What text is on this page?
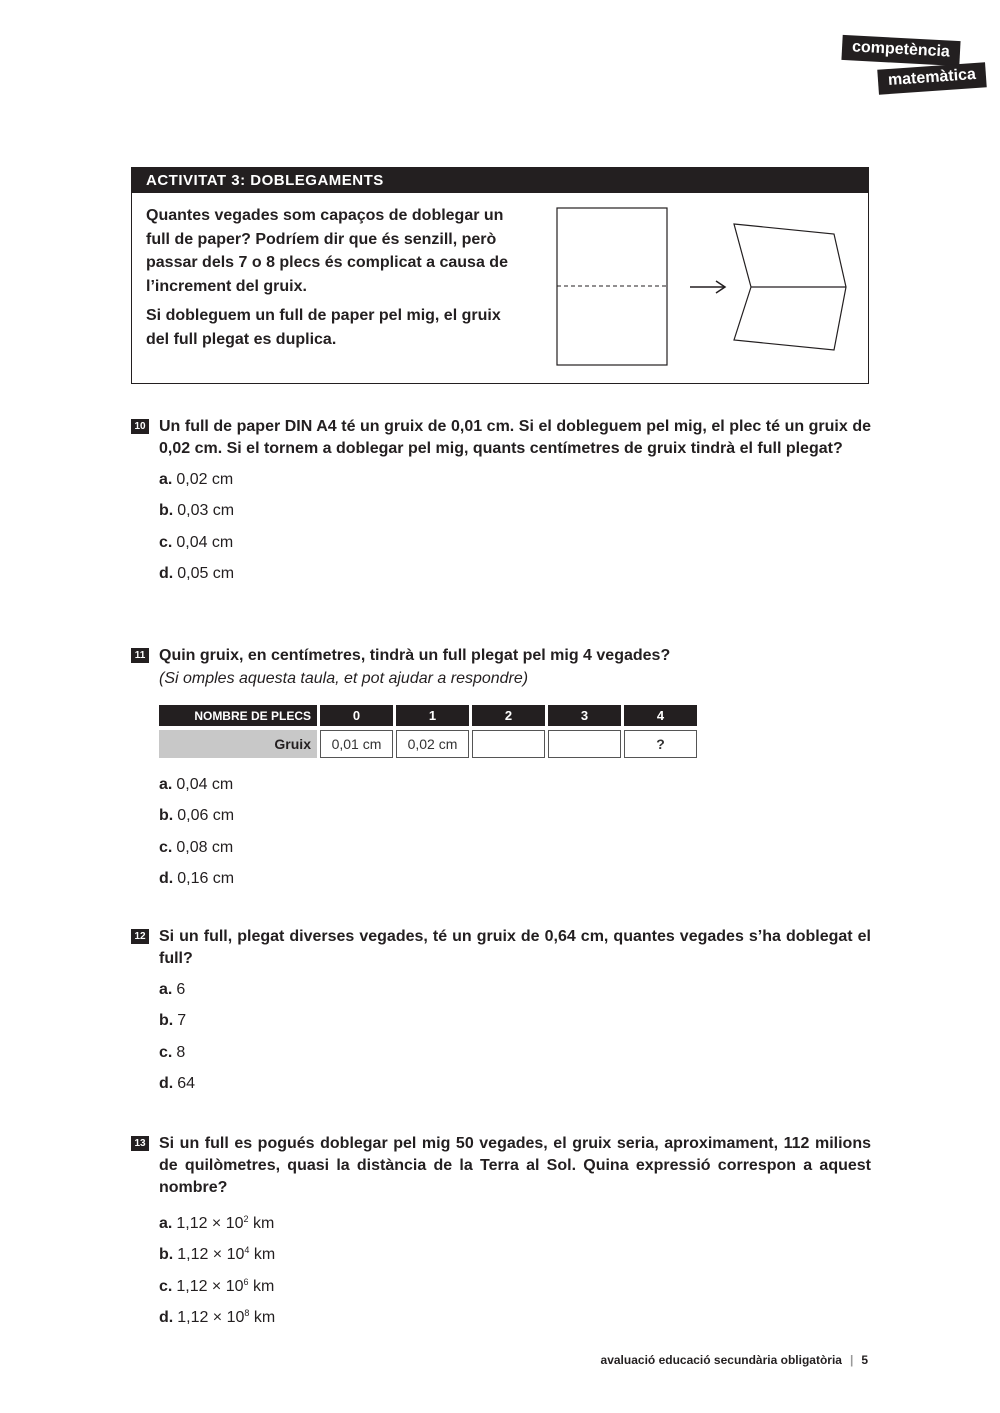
competència
matemàtica
ACTIVITAT 3: DOBLEGAMENTS

Quantes vegades som capaços de doblegar un full de paper? Podríem dir que és senzill, però passar dels 7 o 8 plecs és complicat a causa de l’increment del gruix.

Si dobleguem un full de paper pel mig, el gruix del full plegat es duplica.

10 Un full de paper DIN A4 té un gruix de 0,01 cm. Si el dobleguem pel mig, el plec té un gruix de 0,02 cm. Si el tornem a doblegar pel mig, quants centímetres de gruix tindrà el full plegat?
a. 0,02 cm
b. 0,03 cm
c. 0,04 cm
d. 0,05 cm
11 Quin gruix, en centímetres, tindrà un full plegat pel mig 4 vegades?
(Si omples aquesta taula, et pot ajudar a respondre)
NOMBRE DE PLECS	0	1	2	3	4
Gruix	0,01 cm	0,02 cm			?
a. 0,04 cm
b. 0,06 cm
c. 0,08 cm
d. 0,16 cm
12 Si un full, plegat diverses vegades, té un gruix de 0,64 cm, quantes vegades s’ha doblegat el full?
a. 6
b. 7
c. 8
d. 64
13 Si un full es pogués doblegar pel mig 50 vegades, el gruix seria, aproximament, 112 milions de quilòmetres, quasi la distància de la Terra al Sol. Quina expressió correspon a aquest nombre?
a. $1,12 \times 10^2$ km
b. $1,12 \times 10^4$ km
c. $1,12 \times 10^6$ km
d. $1,12 \times 10^8$ km
avaluació educació secundària obligatòria | 5
